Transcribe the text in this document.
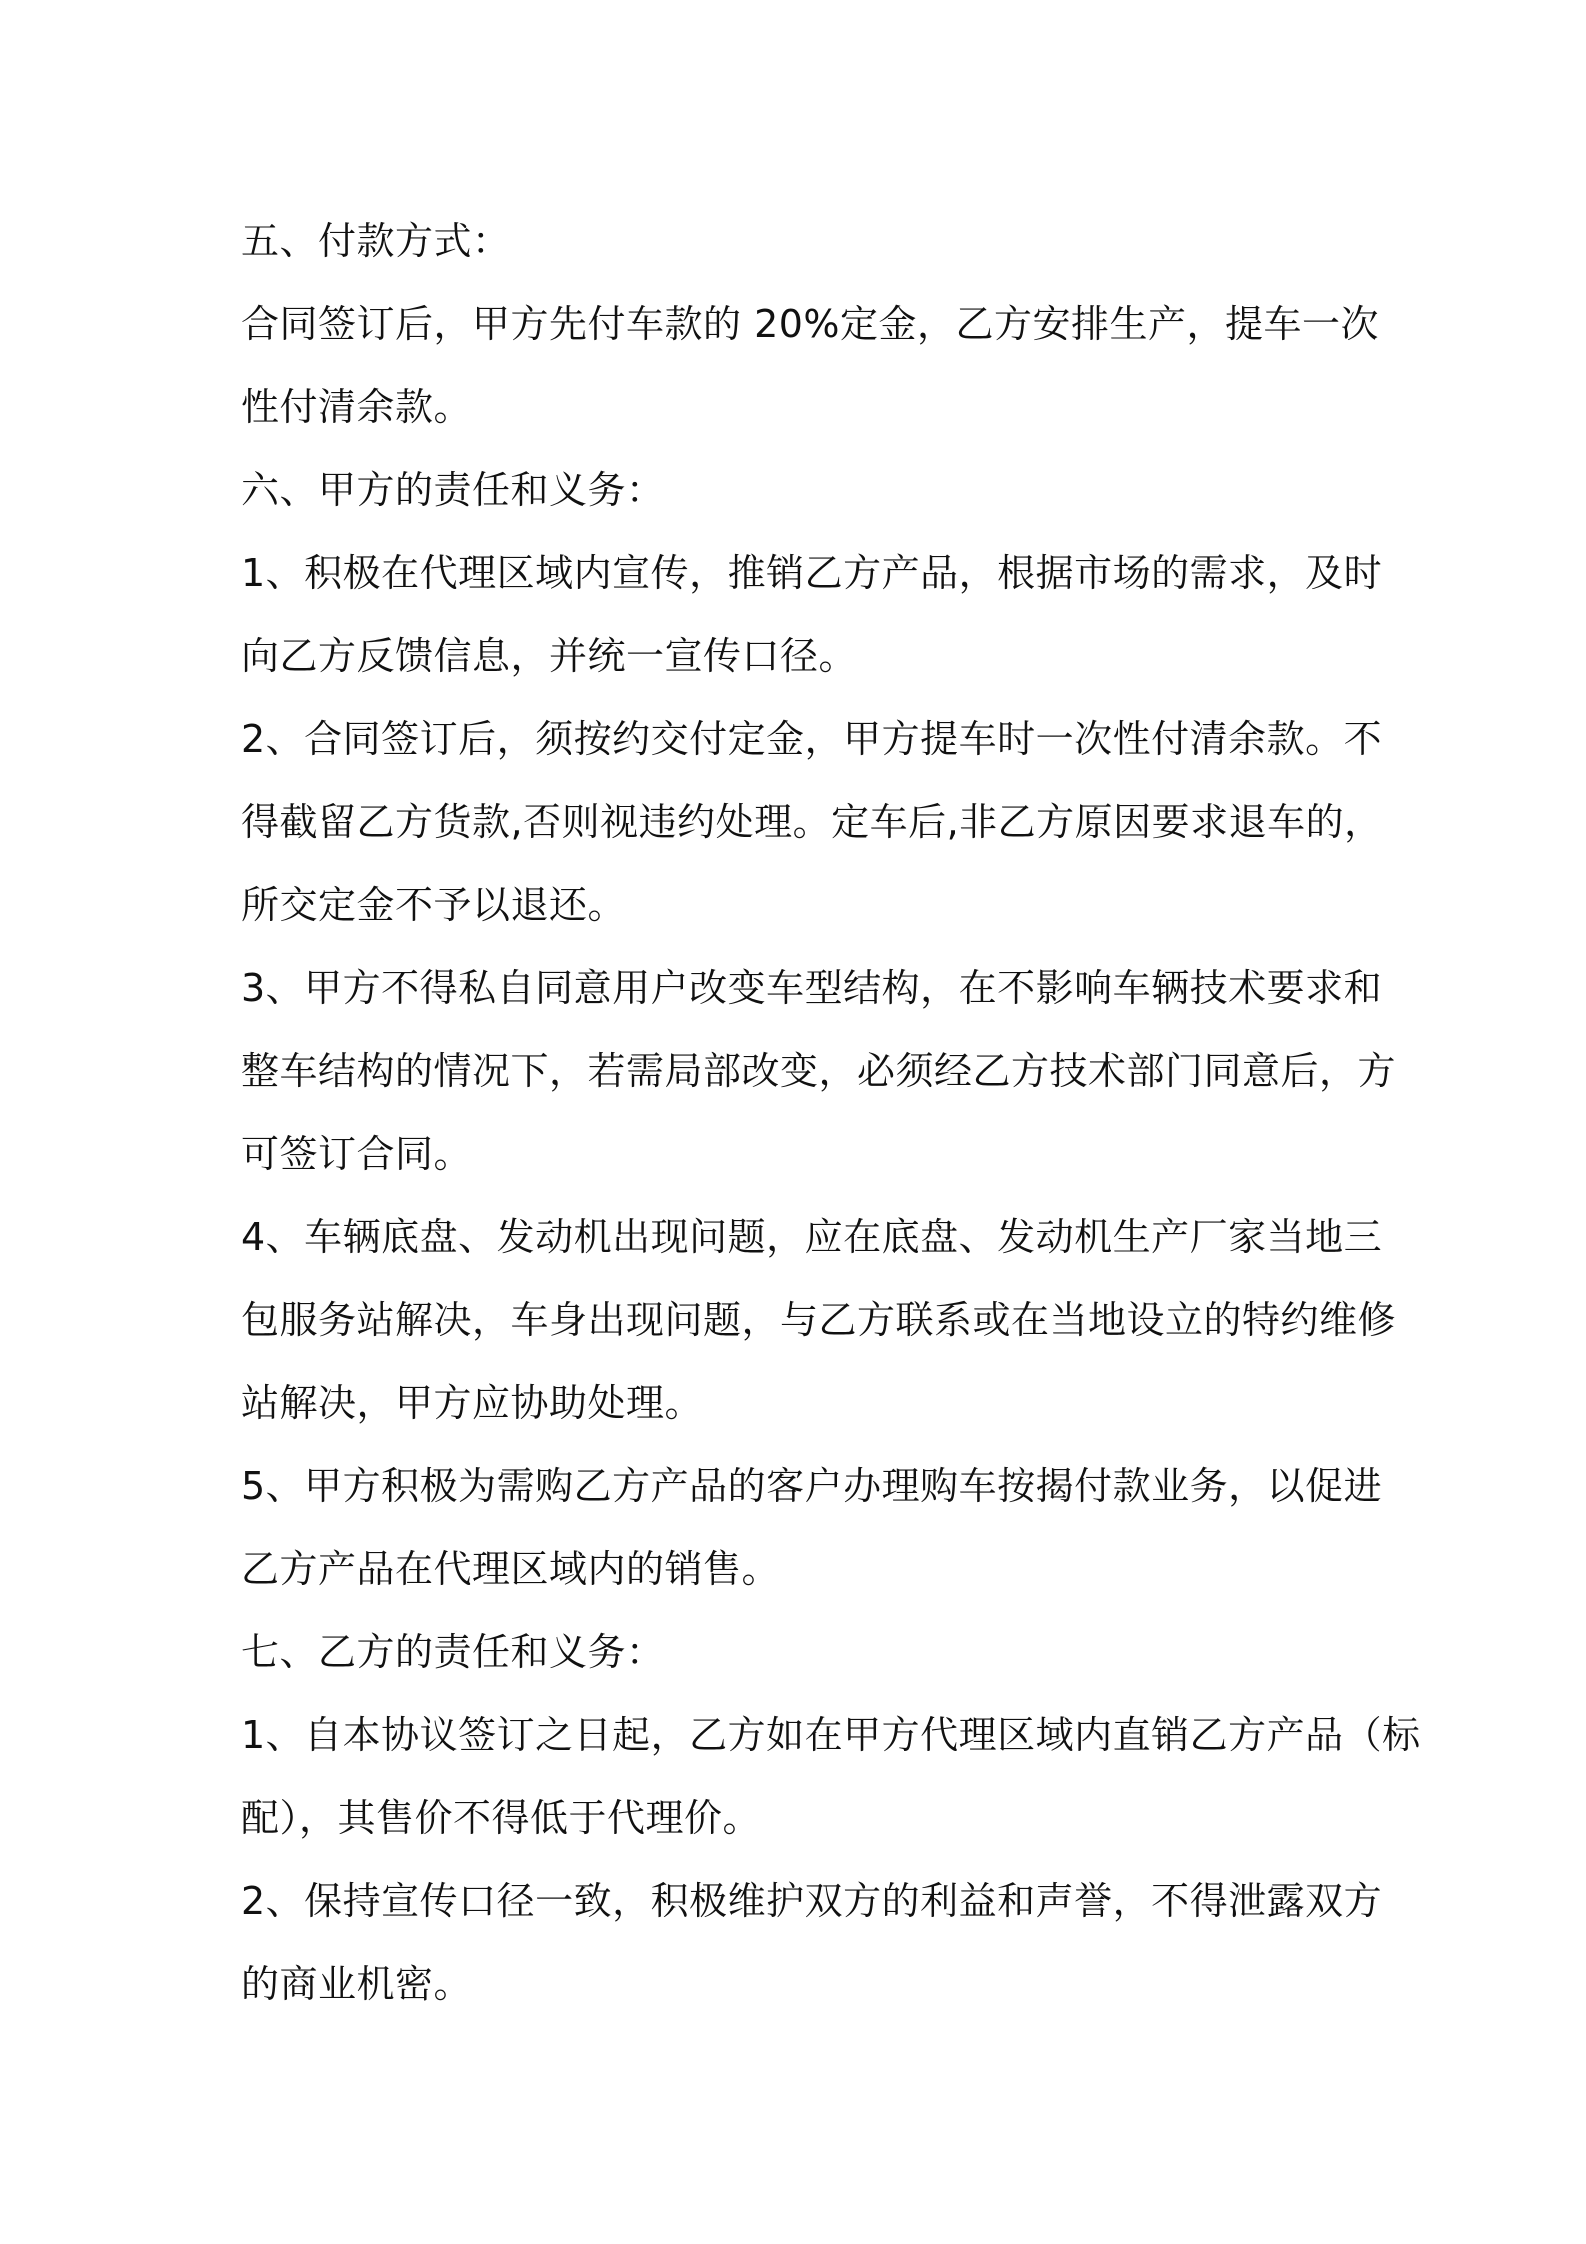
五、付款方式：
合同签订后，甲方先付车款的 20%定金，乙方安排生产，提车一次
性付清余款。
六、甲方的责任和义务：
1、积极在代理区域内宣传，推销乙方产品，根据市场的需求，及时
向乙方反馈信息，并统一宣传口径。
2、合同签订后，须按约交付定金，甲方提车时一次性付清余款。不
得截留乙方货款,否则视违约处理。定车后,非乙方原因要求退车的，
所交定金不予以退还。
3、甲方不得私自同意用户改变车型结构，在不影响车辆技术要求和
整车结构的情况下，若需局部改变，必须经乙方技术部门同意后，方
可签订合同。
4、车辆底盘、发动机出现问题，应在底盘、发动机生产厂家当地三
包服务站解决，车身出现问题，与乙方联系或在当地设立的特约维修
站解决，甲方应协助处理。
5、甲方积极为需购乙方产品的客户办理购车按揭付款业务，以促进
乙方产品在代理区域内的销售。
七、乙方的责任和义务：
1、自本协议签订之日起，乙方如在甲方代理区域内直销乙方产品（标
配），其售价不得低于代理价。
2、保持宣传口径一致，积极维护双方的利益和声誉，不得泄露双方
的商业机密。
